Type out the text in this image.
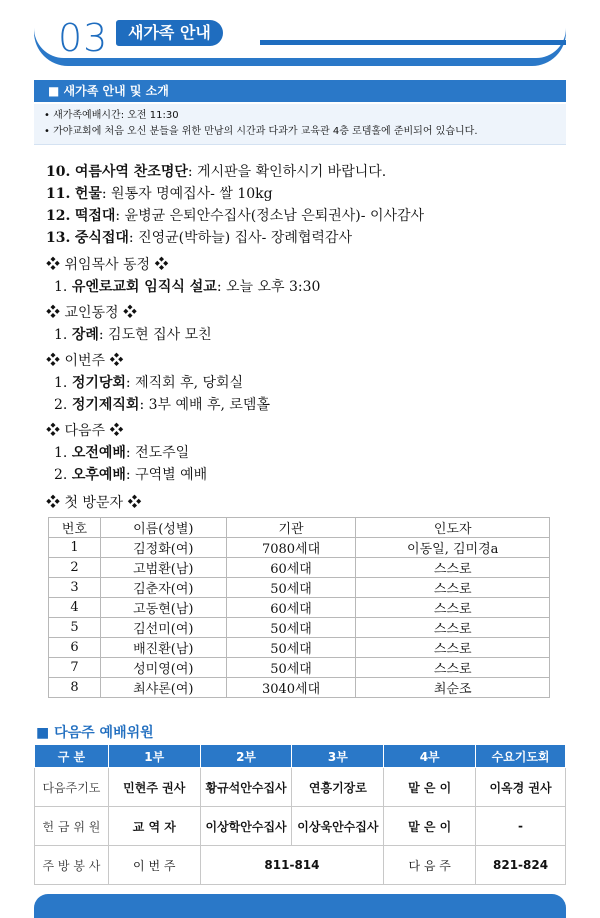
03	새가족 안내
■ 새가족 안내 및 소개
• 새가족예배시간: 오전 11:30
• 가야교회에 처음 오신 분들을 위한 만남의 시간과 다과가 교육관 4층 로뎀홀에 준비되어 있습니다.
10. 여름사역 찬조명단: 게시판을 확인하시기 바랍니다.
11. 헌물: 원통자 명예집사- 쌀 10kg
12. 떡접대: 윤병균 은퇴안수집사(정소남 은퇴권사)- 이사감사
13. 중식접대: 진영균(박하늘) 집사- 장례협력감사
❖ 위임목사 동정 ❖
1. 유엔로교회 임직식 설교: 오늘 오후 3:30
❖ 교인동정 ❖
1. 장례: 김도현 집사 모친
❖ 이번주 ❖
1. 정기당회: 제직회 후, 당회실
2. 정기제직회: 3부 예배 후, 로뎀홀
❖ 다음주 ❖
1. 오전예배: 전도주일
2. 오후예배: 구역별 예배
❖ 첫 방문자 ❖
번호	이름(성별)	기관	인도자
1	김정화(여)	7080세대	이동일, 김미경a
2	고범환(남)	60세대	스스로
3	김춘자(여)	50세대	스스로
4	고동현(남)	60세대	스스로
5	김선미(여)	50세대	스스로
6	배진환(남)	50세대	스스로
7	성미영(여)	50세대	스스로
8	최샤론(여)	3040세대	최순조
■ 다음주 예배위원
구 분	1부	2부	3부	4부	수요기도회
다음주기도	민현주 권사	황규석안수집사	연흥기장로	맡 은 이	이옥경 권사
헌 금 위 원	교 역 자	이상학안수집사	이상욱안수집사	맡 은 이	-
주 방 봉 사	이 번 주	811-814		다 음 주	821-824
